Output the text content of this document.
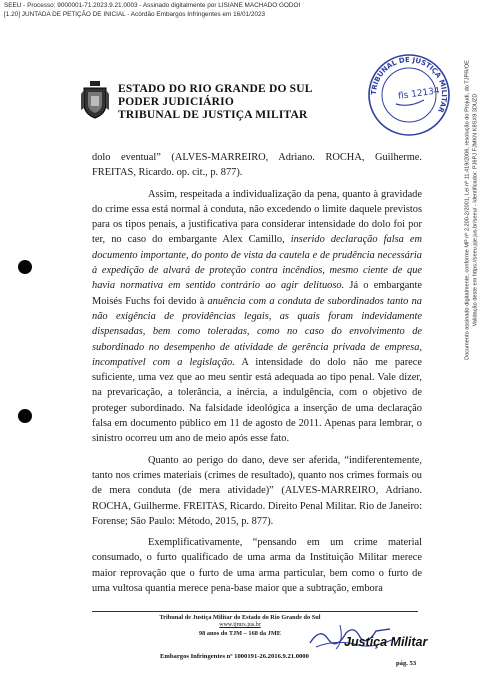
SEEU - Processo: 9000001-71.2023.9.21.0003 - Assinado digitalmente por LISIANE MACHADO GODOI
[1.20] JUNTADA DE PETIÇÃO DE INICIAL - Acórdão Embargos Infringentes em 16/01/2023
Documento assinado digitalmente, conforme MP nº 2.200-2/2001, Lei nº 11.419/2006, resolução do Projudi, do TJPR/OE Validação deste em https://seeu.pje.jus.br/seeu/ - Identificador: PJ6PJ FJMKN K8SX9 3DUZD
ESTADO DO RIO GRANDE DO SUL
PODER JUDICIÁRIO
TRIBUNAL DE JUSTIÇA MILITAR
TRIBUNAL DE JUSTIÇA MILITAR
fls 12134

dolo eventual” (ALVES-MARREIRO, Adriano. ROCHA, Guilherme. FREITAS, Ricardo. op. cit., p. 877).

Assim, respeitada a individualização da pena, quanto à gravidade do crime essa está normal à conduta, não excedendo o limite daquele previstos para os tipos penais, a justificativa para considerar intensidade do dolo foi por ter, no caso do embargante Alex Camillo, inserido declaração falsa em documento importante, do ponto de vista da cautela e de prudência necessária à expedição de alvará de proteção contra incêndios, mesmo ciente de que havia normativa em sentido contrário ao agir delituoso. Já o embargante Moisés Fuchs foi devido à anuência com a conduta de subordinados tanto na não exigência de providências legais, as quais foram indevidamente dispensadas, bem como toleradas, como no caso do envolvimento de subordinado no desempenho de atividade de gerência privada de empresa, incompatível com a legislação. A intensidade do dolo não me parece suficiente, uma vez que ao meu sentir está adequada ao tipo penal. Vale dizer, na prevaricação, a tolerância, a inércia, a indulgência, com o objetivo de proteger subordinado. Na falsidade ideológica a inserção de uma declaração falsa em documento público em 11 de agosto de 2011. Apenas para lembrar, o sinistro ocorreu um ano de meio após esse fato.

Quanto ao perigo do dano, deve ser aferida, “indiferentemente, tanto nos crimes materiais (crimes de resultado), quanto nos crimes formais ou de mera conduta (de mera atividade)” (ALVES-MARREIRO, Adriano. ROCHA, Guilherme. FREITAS, Ricardo. Direito Penal Militar. Rio de Janeiro: Forense; São Paulo: Método, 2015, p. 877).

Exemplificativamente, “pensando em um crime material consumado, o furto qualificado de uma arma da Instituição Militar merece maior reprovação que o furto de uma arma particular, bem como o furto de uma vultosa quantia merece pena-base maior que a subtração, embora

Tribunal de Justiça Militar do Estado do Rio Grande do Sul
www.tjmrs.jus.br
98 anos do TJM – 168 da JME
Justiça Militar
Embargos Infringentes nº 1000191-26.2016.9.21.0000
pág. 53
